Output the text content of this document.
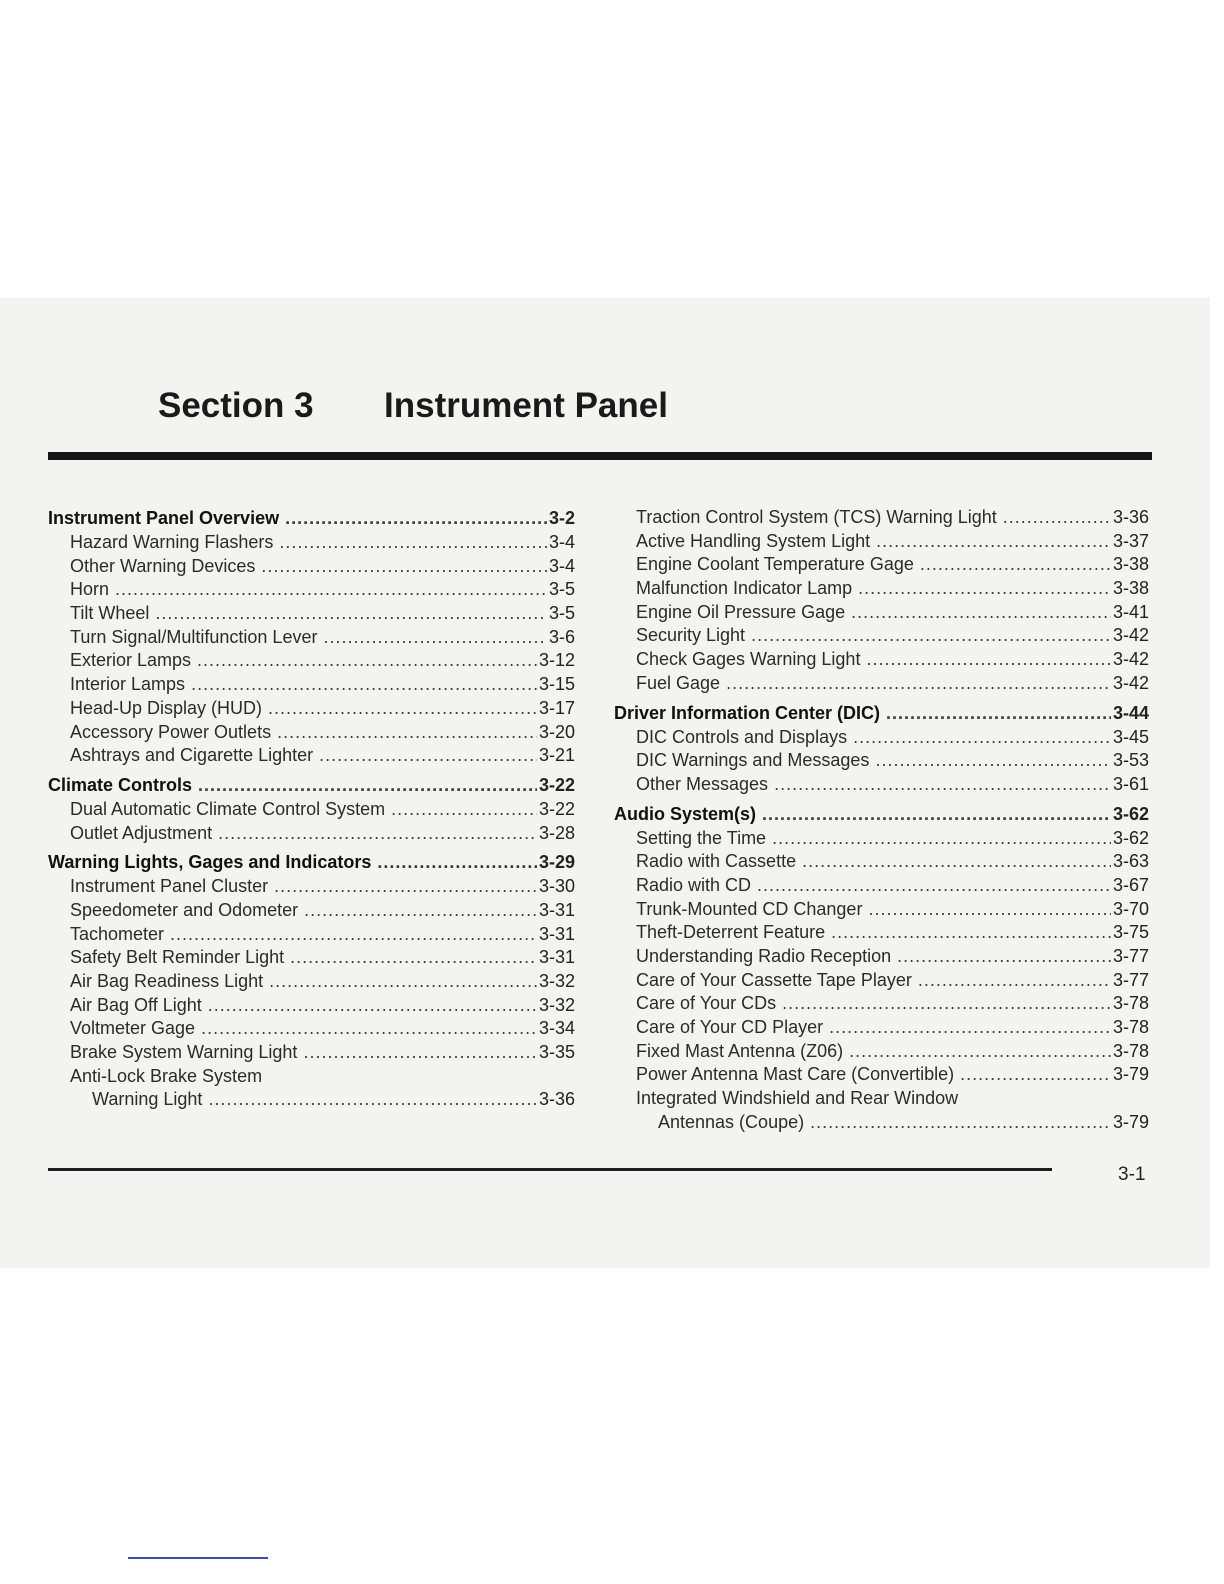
Section 3 Instrument Panel
Instrument Panel Overview .....	3-2
Hazard Warning Flashers .....	3-4
Other Warning Devices .....	3-4
Horn .....	3-5
Tilt Wheel .....	3-5
Turn Signal/Multifunction Lever .....	3-6
Exterior Lamps .....	3-12
Interior Lamps .....	3-15
Head-Up Display (HUD) .....	3-17
Accessory Power Outlets .....	3-20
Ashtrays and Cigarette Lighter .....	3-21
Climate Controls .....	3-22
Dual Automatic Climate Control System .....	3-22
Outlet Adjustment .....	3-28
Warning Lights, Gages and Indicators .....	3-29
Instrument Panel Cluster .....	3-30
Speedometer and Odometer .....	3-31
Tachometer .....	3-31
Safety Belt Reminder Light .....	3-31
Air Bag Readiness Light .....	3-32
Air Bag Off Light .....	3-32
Voltmeter Gage .....	3-34
Brake System Warning Light .....	3-35
Anti-Lock Brake System
Warning Light .....	3-36
Traction Control System (TCS) Warning Light .....	3-36
Active Handling System Light .....	3-37
Engine Coolant Temperature Gage .....	3-38
Malfunction Indicator Lamp .....	3-38
Engine Oil Pressure Gage .....	3-41
Security Light .....	3-42
Check Gages Warning Light .....	3-42
Fuel Gage .....	3-42
Driver Information Center (DIC) .....	3-44
DIC Controls and Displays .....	3-45
DIC Warnings and Messages .....	3-53
Other Messages .....	3-61
Audio System(s) .....	3-62
Setting the Time .....	3-62
Radio with Cassette .....	3-63
Radio with CD .....	3-67
Trunk-Mounted CD Changer .....	3-70
Theft-Deterrent Feature .....	3-75
Understanding Radio Reception .....	3-77
Care of Your Cassette Tape Player .....	3-77
Care of Your CDs .....	3-78
Care of Your CD Player .....	3-78
Fixed Mast Antenna (Z06) .....	3-78
Power Antenna Mast Care (Convertible) .....	3-79
Integrated Windshield and Rear Window
Antennas (Coupe) .....	3-79
3-1
